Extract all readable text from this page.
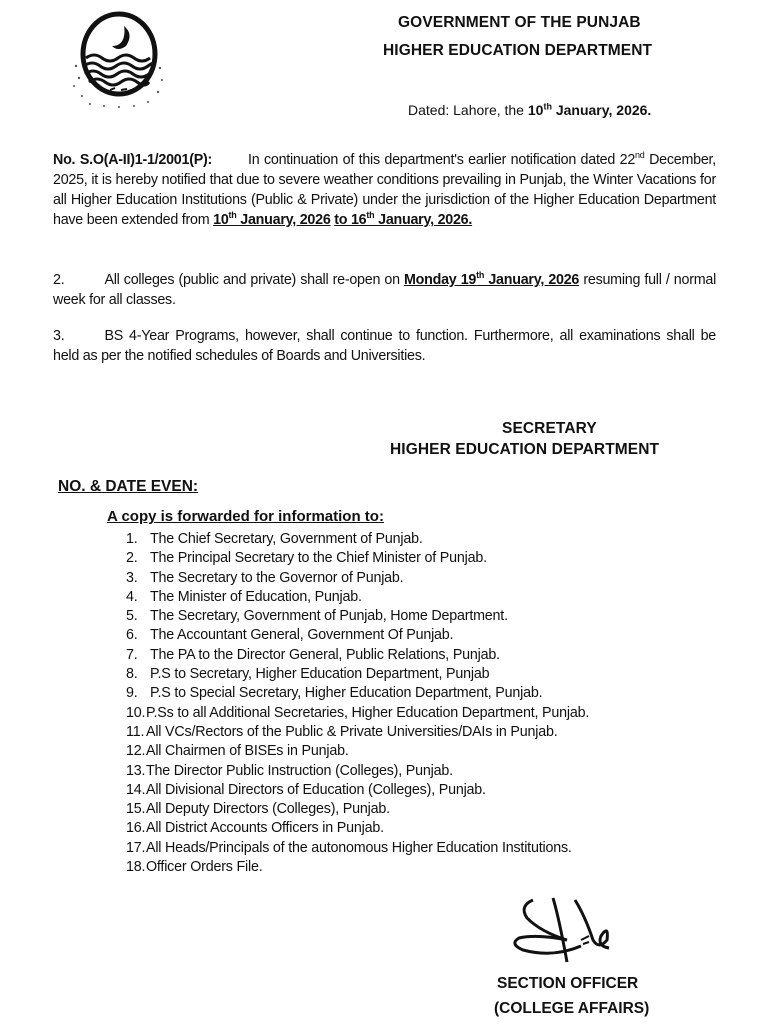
GOVERNMENT OF THE PUNJAB
HIGHER EDUCATION DEPARTMENT
Dated: Lahore, the 10th January, 2026.
No. S.O(A-II)1-1/2001(P):	In continuation of this department's earlier notification dated 22nd December, 2025, it is hereby notified that due to severe weather conditions prevailing in Punjab, the Winter Vacations for all Higher Education Institutions (Public & Private) under the jurisdiction of the Higher Education Department have been extended from 10th January, 2026 to 16th January, 2026.
2.	All colleges (public and private) shall re-open on Monday 19th January, 2026 resuming full / normal week for all classes.
3.	BS 4-Year Programs, however, shall continue to function. Furthermore, all examinations shall be held as per the notified schedules of Boards and Universities.
SECRETARY
HIGHER EDUCATION DEPARTMENT
NO. & DATE EVEN:
A copy is forwarded for information to:
1. The Chief Secretary, Government of Punjab.
2. The Principal Secretary to the Chief Minister of Punjab.
3. The Secretary to the Governor of Punjab.
4. The Minister of Education, Punjab.
5. The Secretary, Government of Punjab, Home Department.
6. The Accountant General, Government Of Punjab.
7. The PA to the Director General, Public Relations, Punjab.
8. P.S to Secretary, Higher Education Department, Punjab
9. P.S to Special Secretary, Higher Education Department, Punjab.
10. P.Ss to all Additional Secretaries, Higher Education Department, Punjab.
11. All VCs/Rectors of the Public & Private Universities/DAIs in Punjab.
12. All Chairmen of BISEs in Punjab.
13. The Director Public Instruction (Colleges), Punjab.
14. All Divisional Directors of Education (Colleges), Punjab.
15. All Deputy Directors (Colleges), Punjab.
16. All District Accounts Officers in Punjab.
17. All Heads/Principals of the autonomous Higher Education Institutions.
18. Officer Orders File.
SECTION OFFICER
(COLLEGE AFFAIRS)
